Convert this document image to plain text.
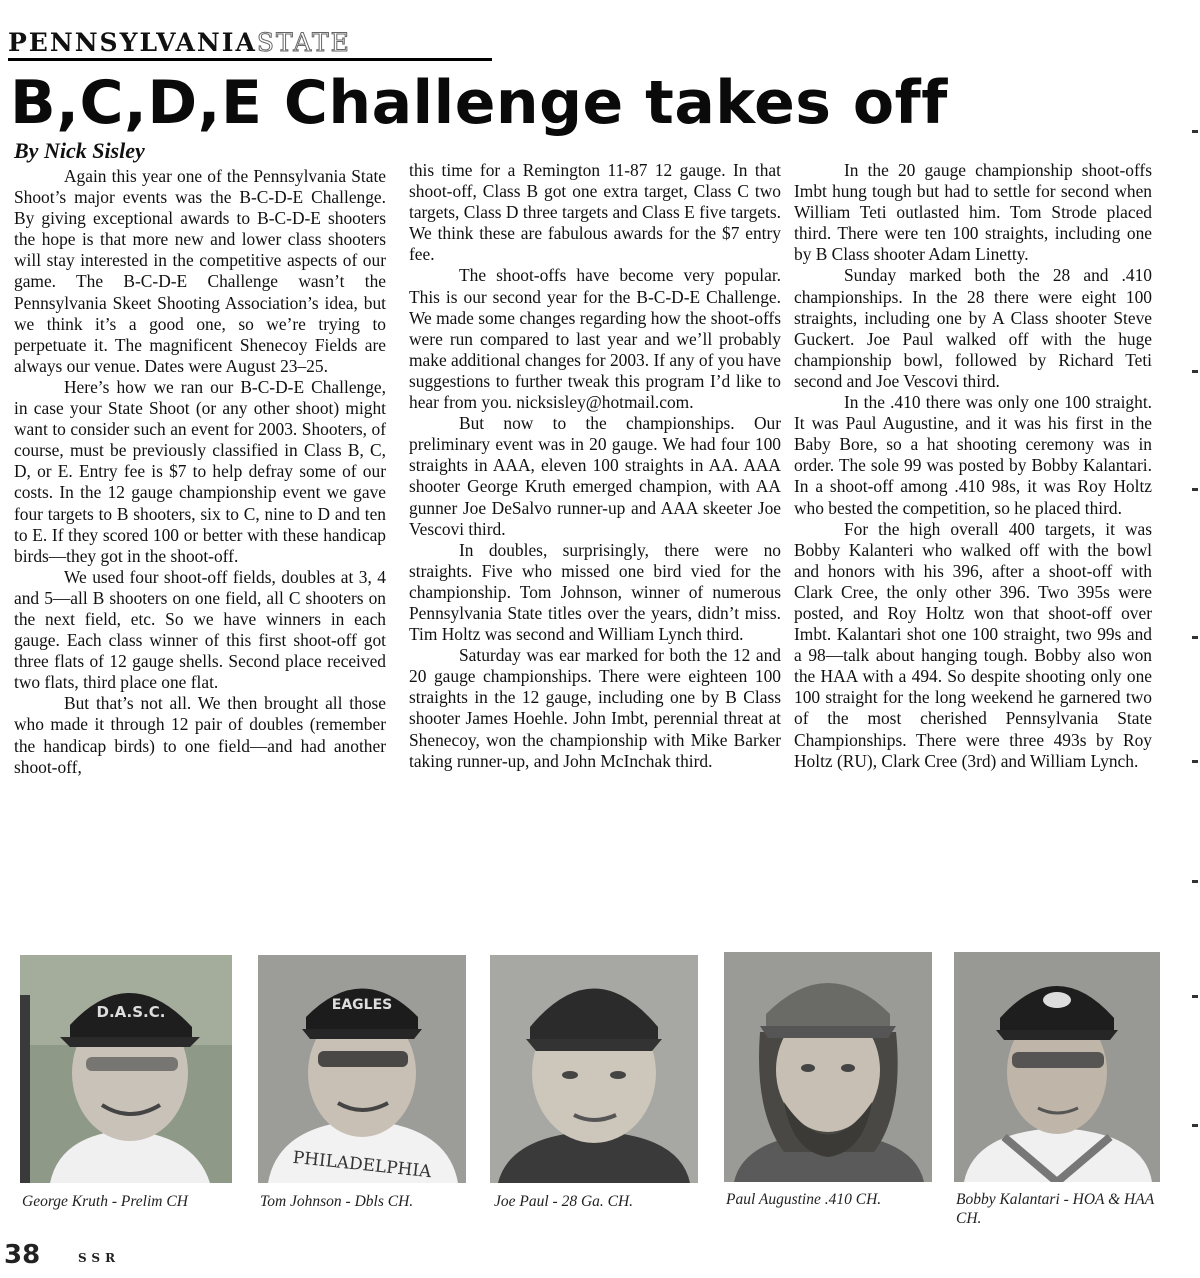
PENNSYLVANIASTATE
B,C,D,E Challenge takes off

By Nick Sisley

Again this year one of the Pennsylvania State Shoot’s major events was the B-C-D-E Challenge. By giving exceptional awards to B-C-D-E shooters the hope is that more new and lower class shooters will stay interested in the competitive aspects of our game. The B-C-D-E Challenge wasn’t the Pennsylvania Skeet Shooting Association’s idea, but we think it’s a good one, so we’re trying to perpetuate it. The magnificent Shenecoy Fields are always our venue. Dates were August 23–25.

Here’s how we ran our B-C-D-E Challenge, in case your State Shoot (or any other shoot) might want to consider such an event for 2003. Shooters, of course, must be previously classified in Class B, C, D, or E. Entry fee is $7 to help defray some of our costs. In the 12 gauge championship event we gave four targets to B shooters, six to C, nine to D and ten to E. If they scored 100 or better with these handicap birds—they got in the shoot-off.

We used four shoot-off fields, doubles at 3, 4 and 5—all B shooters on one field, all C shooters on the next field, etc. So we have winners in each gauge. Each class winner of this first shoot-off got three flats of 12 gauge shells. Second place received two flats, third place one flat.

But that’s not all. We then brought all those who made it through 12 pair of doubles (remember the handicap birds) to one field—and had another shoot-off,

this time for a Remington 11-87 12 gauge. In that shoot-off, Class B got one extra target, Class C two targets, Class D three targets and Class E five targets. We think these are fabulous awards for the $7 entry fee.

The shoot-offs have become very popular. This is our second year for the B-C-D-E Challenge. We made some changes regarding how the shoot-offs were run compared to last year and we’ll probably make additional changes for 2003. If any of you have suggestions to further tweak this program I’d like to hear from you. nicksisley@hotmail.com.

But now to the championships. Our preliminary event was in 20 gauge. We had four 100 straights in AAA, eleven 100 straights in AA. AAA shooter George Kruth emerged champion, with AA gunner Joe DeSalvo runner-up and AAA skeeter Joe Vescovi third.

In doubles, surprisingly, there were no straights. Five who missed one bird vied for the championship. Tom Johnson, winner of numerous Pennsylvania State titles over the years, didn’t miss. Tim Holtz was second and William Lynch third.

Saturday was ear marked for both the 12 and 20 gauge championships. There were eighteen 100 straights in the 12 gauge, including one by B Class shooter James Hoehle. John Imbt, perennial threat at Shenecoy, won the championship with Mike Barker taking runner-up, and John McInchak third.

In the 20 gauge championship shoot-offs Imbt hung tough but had to settle for second when William Teti outlasted him. Tom Strode placed third. There were ten 100 straights, including one by B Class shooter Adam Linetty.

Sunday marked both the 28 and .410 championships. In the 28 there were eight 100 straights, including one by A Class shooter Steve Guckert. Joe Paul walked off with the huge championship bowl, followed by Richard Teti second and Joe Vescovi third.

In the .410 there was only one 100 straight. It was Paul Augustine, and it was his first in the Baby Bore, so a hat shooting ceremony was in order. The sole 99 was posted by Bobby Kalantari. In a shoot-off among .410 98s, it was Roy Holtz who bested the competition, so he placed third.

For the high overall 400 targets, it was Bobby Kalanteri who walked off with the bowl and honors with his 396, after a shoot-off with Clark Cree, the only other 396. Two 395s were posted, and Roy Holtz won that shoot-off over Imbt. Kalantari shot one 100 straight, two 99s and a 98—talk about hanging tough. Bobby also won the HAA with a 494. So despite shooting only one 100 straight for the long weekend he garnered two of the most cherished Pennsylvania State Championships. There were three 493s by Roy Holtz (RU), Clark Cree (3rd) and William Lynch.

D.A.S.C.
PHILADELPHIA
EAGLES
George Kruth - Prelim CH	Tom Johnson - Dbls CH.	Joe Paul - 28 Ga. CH.	Paul Augustine .410 CH.	Bobby Kalantari - HOA & HAA CH.
38	SSR
